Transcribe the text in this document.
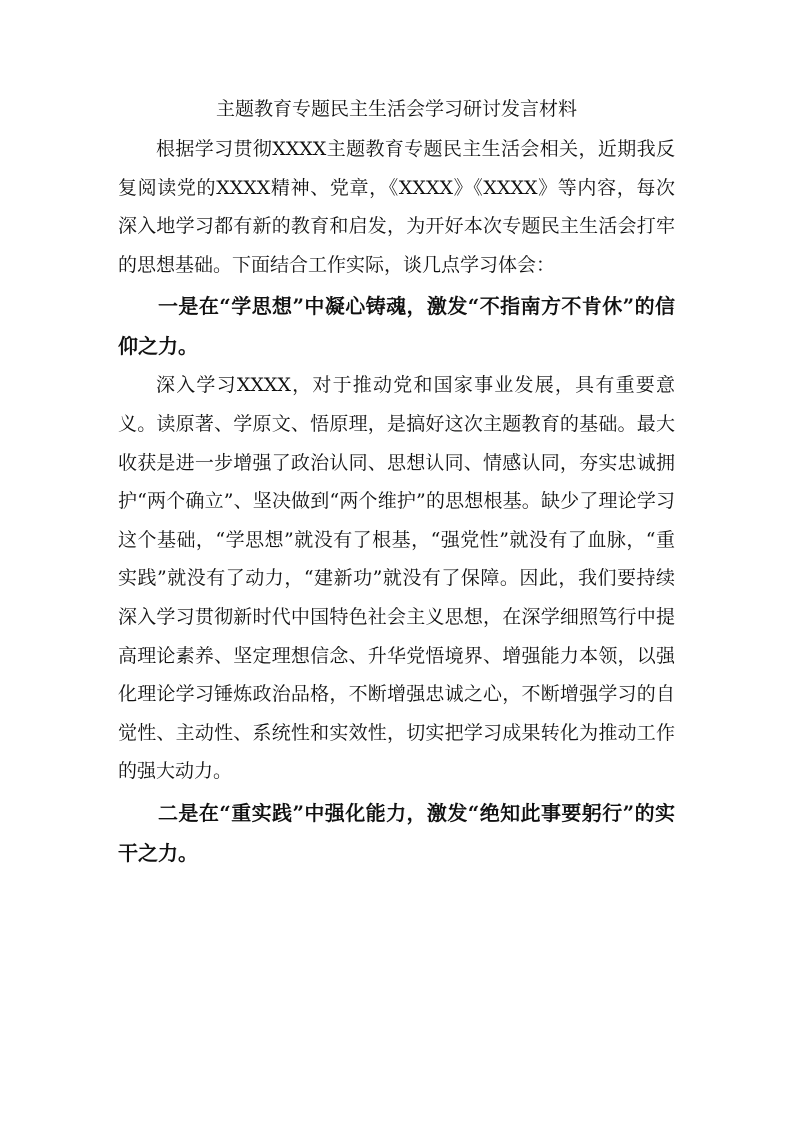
主题教育专题民主生活会学习研讨发言材料

根据学习贯彻XXXX主题教育专题民主生活会相关，近期我反复阅读党的XXXX精神、党章，《XXXX》《XXXX》等内容，每次深入地学习都有新的教育和启发，为开好本次专题民主生活会打牢的思想基础。下面结合工作实际，谈几点学习体会：

一是在“学思想”中凝心铸魂，激发“不指南方不肯休”的信仰之力。

深入学习XXXX，对于推动党和国家事业发展，具有重要意义。读原著、学原文、悟原理，是搞好这次主题教育的基础。最大收获是进一步增强了政治认同、思想认同、情感认同，夯实忠诚拥护“两个确立”、坚决做到“两个维护”的思想根基。缺少了理论学习这个基础，“学思想”就没有了根基，“强党性”就没有了血脉，“重实践”就没有了动力，“建新功”就没有了保障。因此，我们要持续深入学习贯彻新时代中国特色社会主义思想，在深学细照笃行中提高理论素养、坚定理想信念、升华党悟境界、增强能力本领，以强化理论学习锤炼政治品格，不断增强忠诚之心，不断增强学习的自觉性、主动性、系统性和实效性，切实把学习成果转化为推动工作的强大动力。

二是在“重实践”中强化能力，激发“绝知此事要躬行”的实干之力。
